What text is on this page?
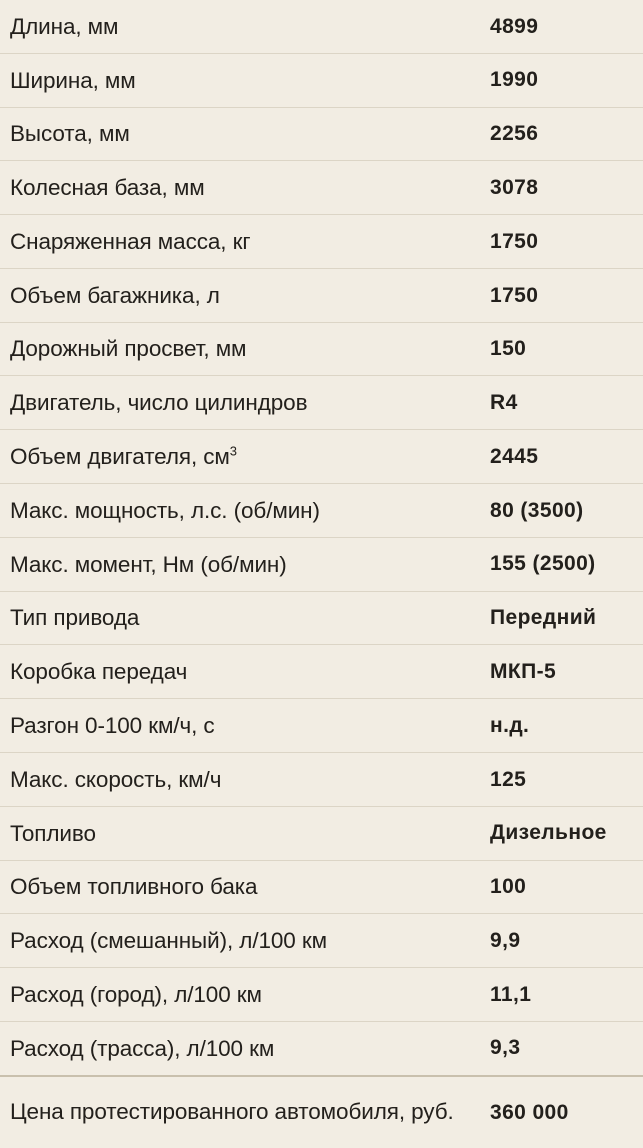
Длина, мм	4899
Ширина, мм	1990
Высота, мм	2256
Колесная база, мм	3078
Снаряженная масса, кг	1750
Объем багажника, л	1750
Дорожный просвет, мм	150
Двигатель, число цилиндров	R4
Объем двигателя, $см^3$	2445
Макс. мощность, л.с. (об/мин)	80 (3500)
Макс. момент, Нм (об/мин)	155 (2500)
Тип привода	Передний
Коробка передач	МКП-5
Разгон 0-100 км/ч, с	н.д.
Макс. скорость, км/ч	125
Топливо	Дизельное
Объем топливного бака	100
Расход (смешанный), л/100 км	9,9
Расход (город), л/100 км	11,1
Расход (трасса), л/100 км	9,3
Цена протестированного автомобиля, руб.	360 000
